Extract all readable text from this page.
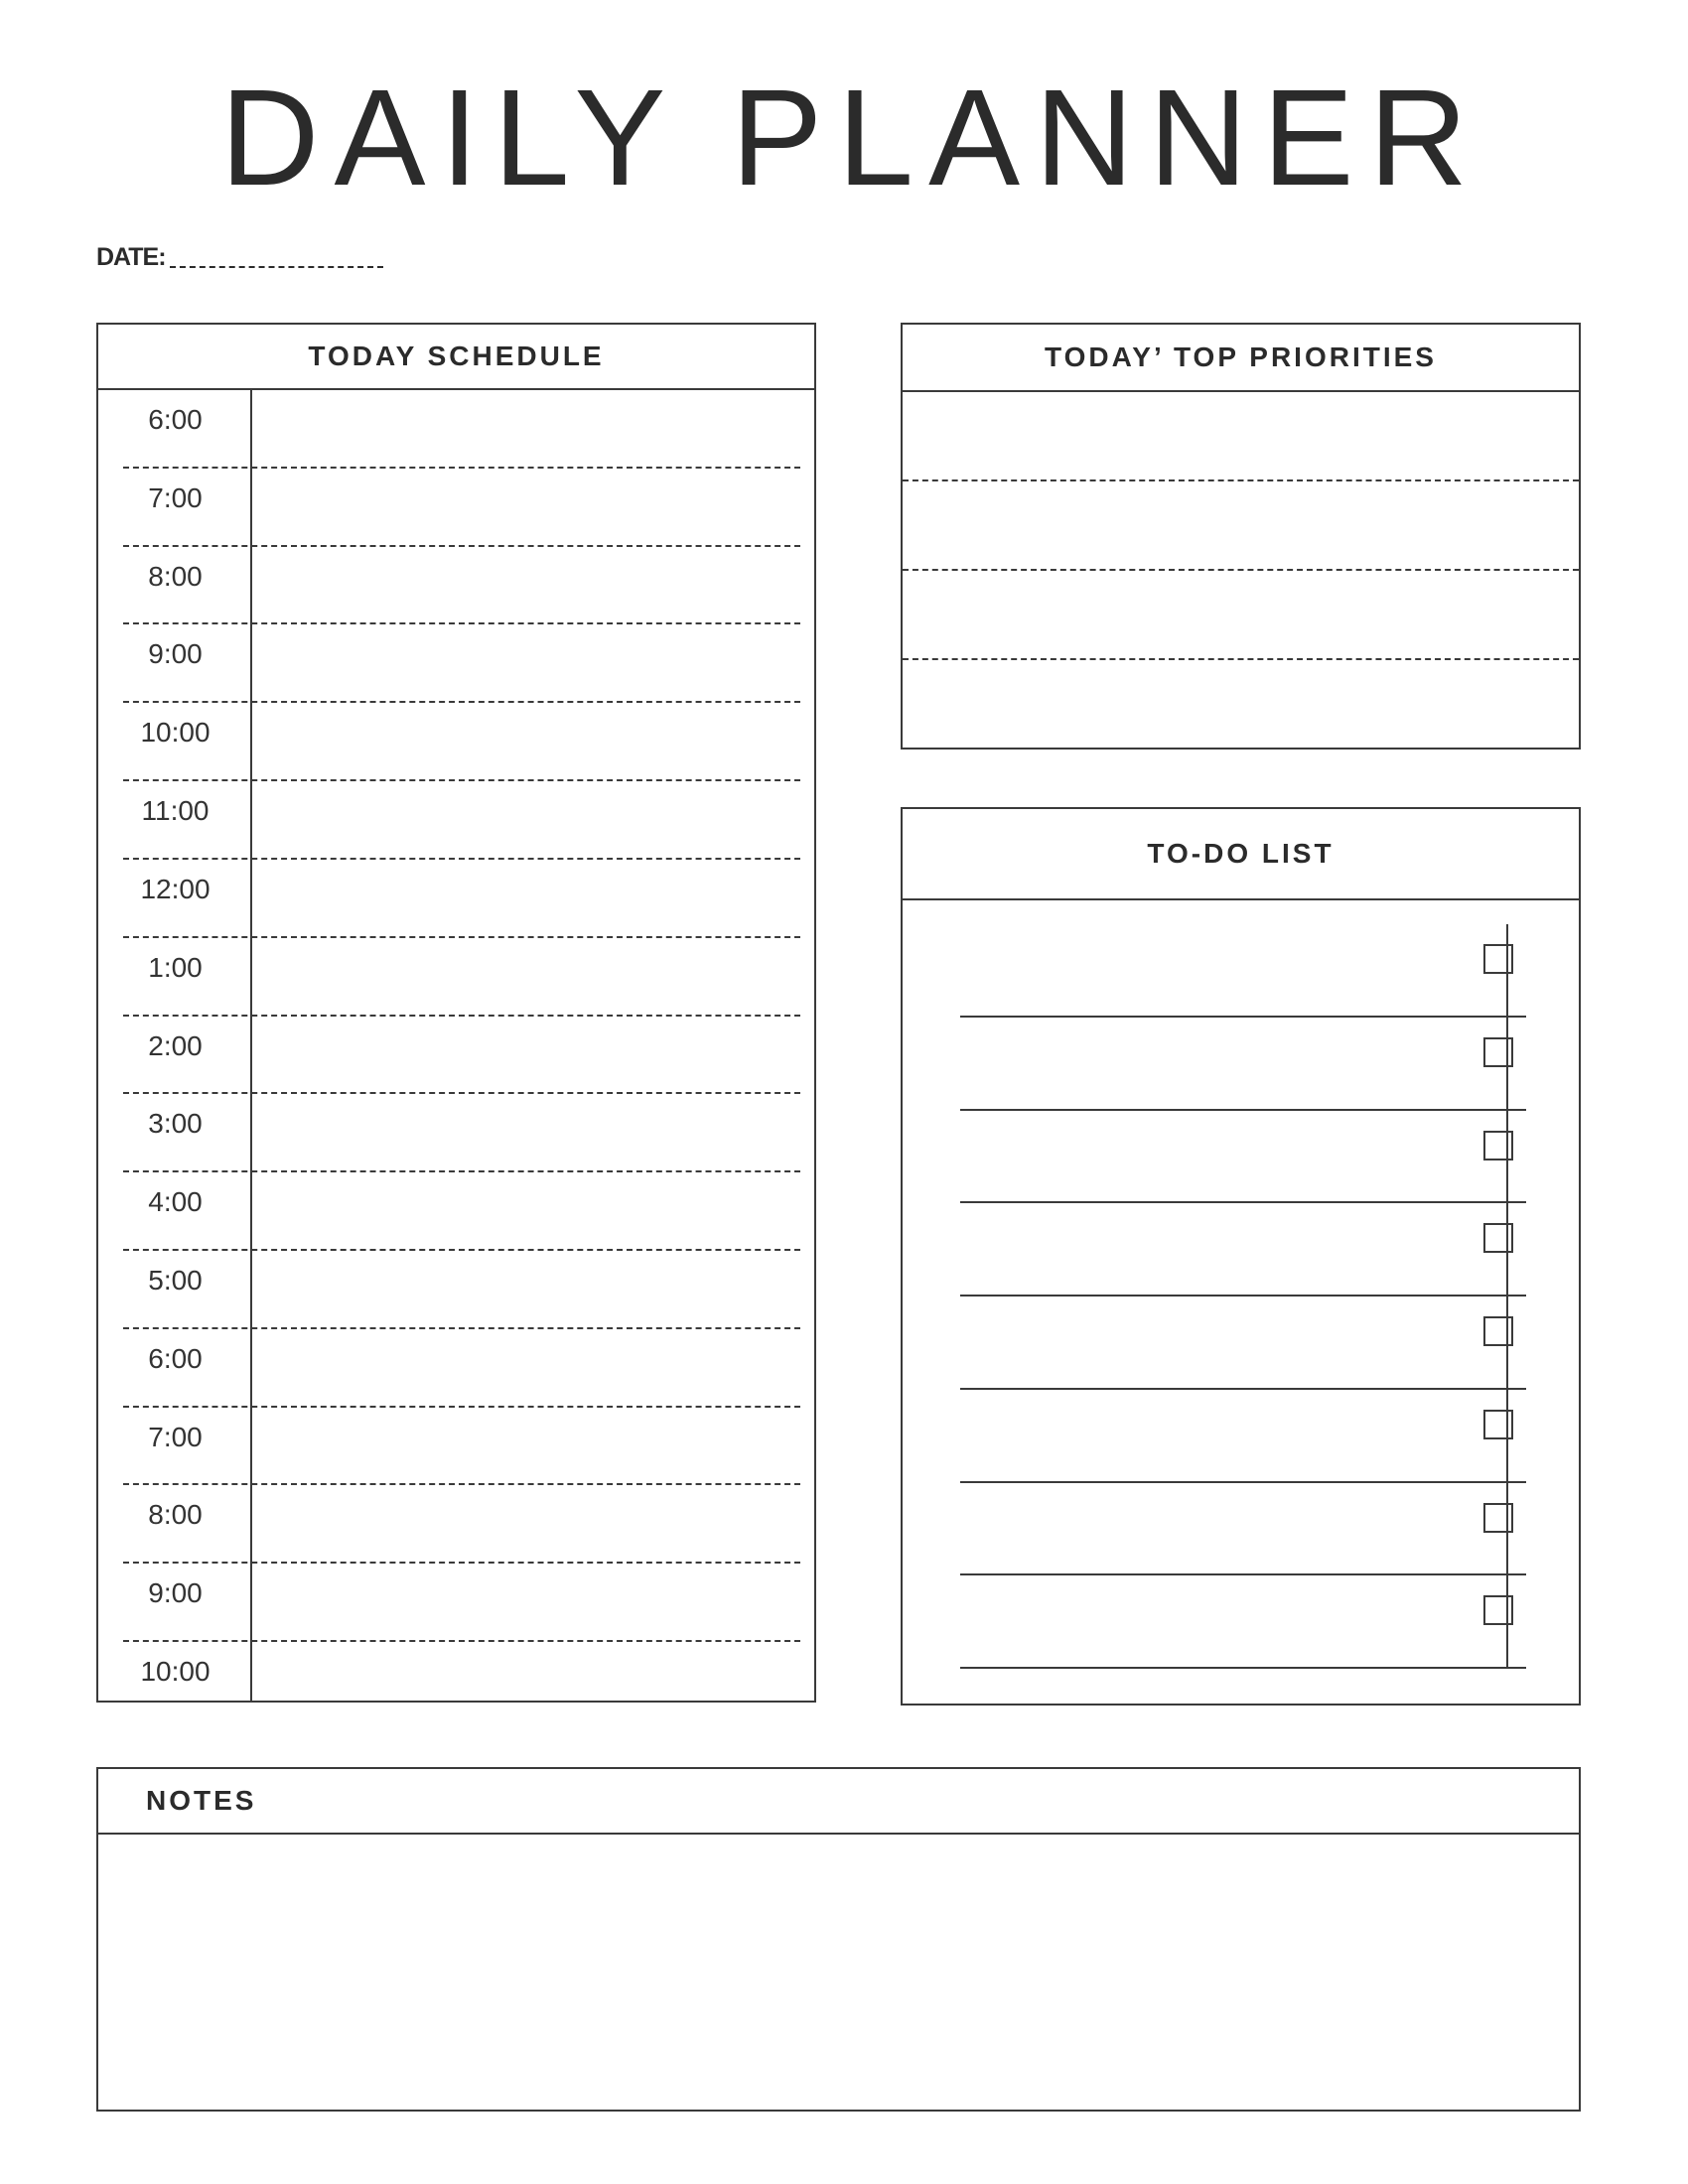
DAILY PLANNER
DATE:
TODAY SCHEDULE
6:00
7:00
8:00
9:00
10:00
11:00
12:00
1:00
2:00
3:00
4:00
5:00
6:00
7:00
8:00
9:00
10:00
TODAY’ TOP PRIORITIES
TO-DO LIST
NOTES
